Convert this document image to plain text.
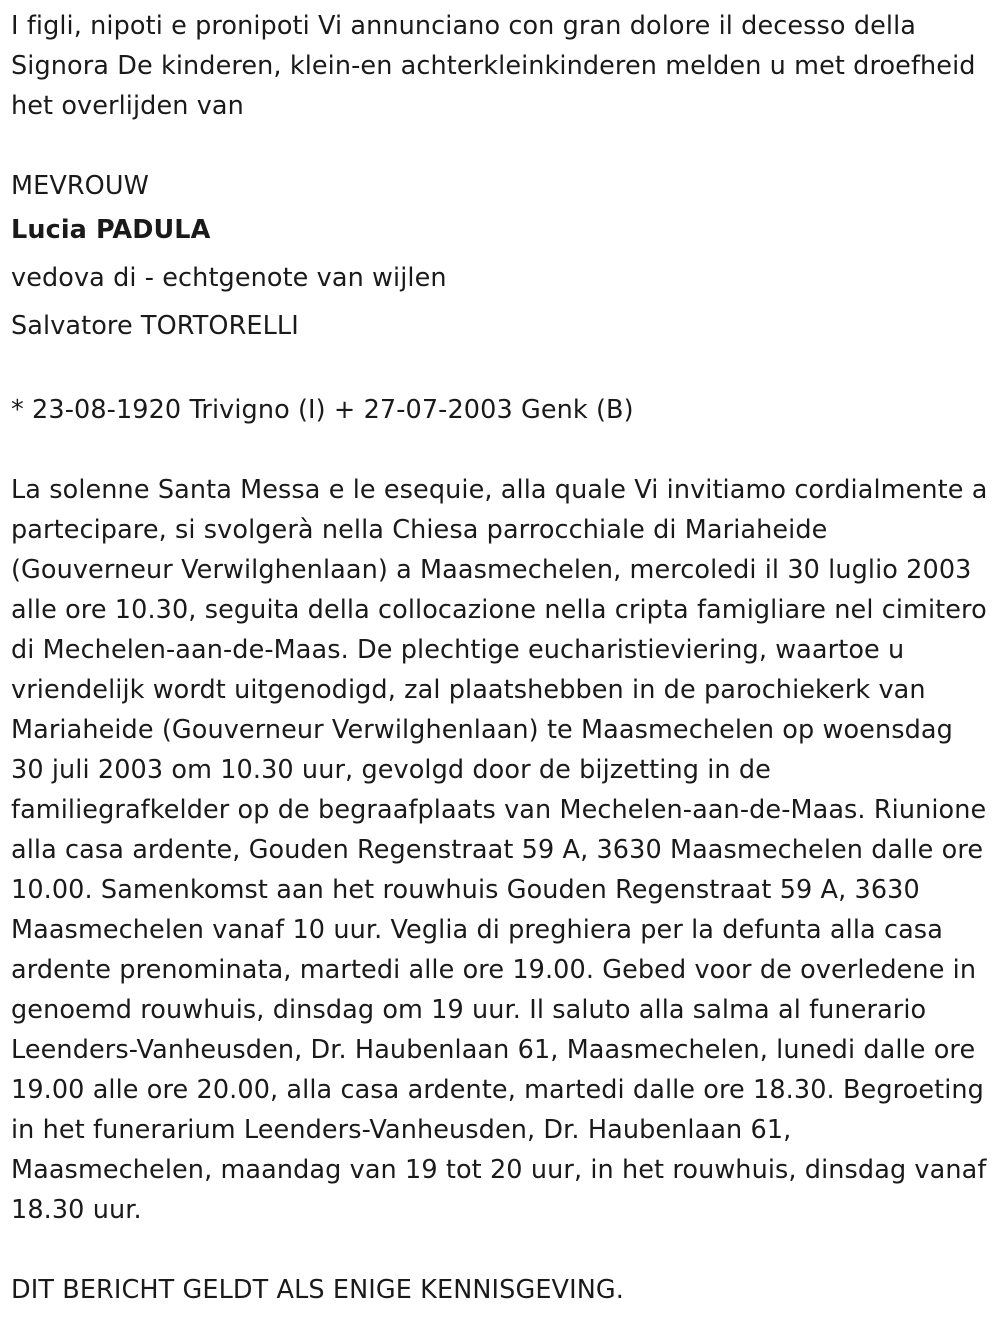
I figli, nipoti e pronipoti Vi annunciano con gran dolore il decesso della Signora De kinderen, klein-en achterkleinkinderen melden u met droefheid het overlijden van

MEVROUW

Lucia PADULA

vedova di - echtgenote van wijlen

Salvatore TORTORELLI

* 23-08-1920 Trivigno (I) + 27-07-2003 Genk (B)

La solenne Santa Messa e le esequie, alla quale Vi invitiamo cordialmente a partecipare, si svolgerà nella Chiesa parrocchiale di Mariaheide (Gouverneur Verwilghenlaan) a Maasmechelen, mercoledi il 30 luglio 2003 alle ore 10.30, seguita della collocazione nella cripta famigliare nel cimitero di Mechelen-aan-de-Maas. De plechtige eucharistieviering, waartoe u vriendelijk wordt uitgenodigd, zal plaatshebben in de parochiekerk van Mariaheide (Gouverneur Verwilghenlaan) te Maasmechelen op woensdag 30 juli 2003 om 10.30 uur, gevolgd door de bijzetting in de familiegrafkelder op de begraafplaats van Mechelen-aan-de-Maas. Riunione alla casa ardente, Gouden Regenstraat 59 A, 3630 Maasmechelen dalle ore 10.00. Samenkomst aan het rouwhuis Gouden Regenstraat 59 A, 3630 Maasmechelen vanaf 10 uur. Veglia di preghiera per la defunta alla casa ardente prenominata, martedi alle ore 19.00. Gebed voor de overledene in genoemd rouwhuis, dinsdag om 19 uur. Il saluto alla salma al funerario Leenders-Vanheusden, Dr. Haubenlaan 61, Maasmechelen, lunedi dalle ore 19.00 alle ore 20.00, alla casa ardente, martedi dalle ore 18.30. Begroeting in het funerarium Leenders-Vanheusden, Dr. Haubenlaan 61, Maasmechelen, maandag van 19 tot 20 uur, in het rouwhuis, dinsdag vanaf 18.30 uur.

DIT BERICHT GELDT ALS ENIGE KENNISGEVING.
